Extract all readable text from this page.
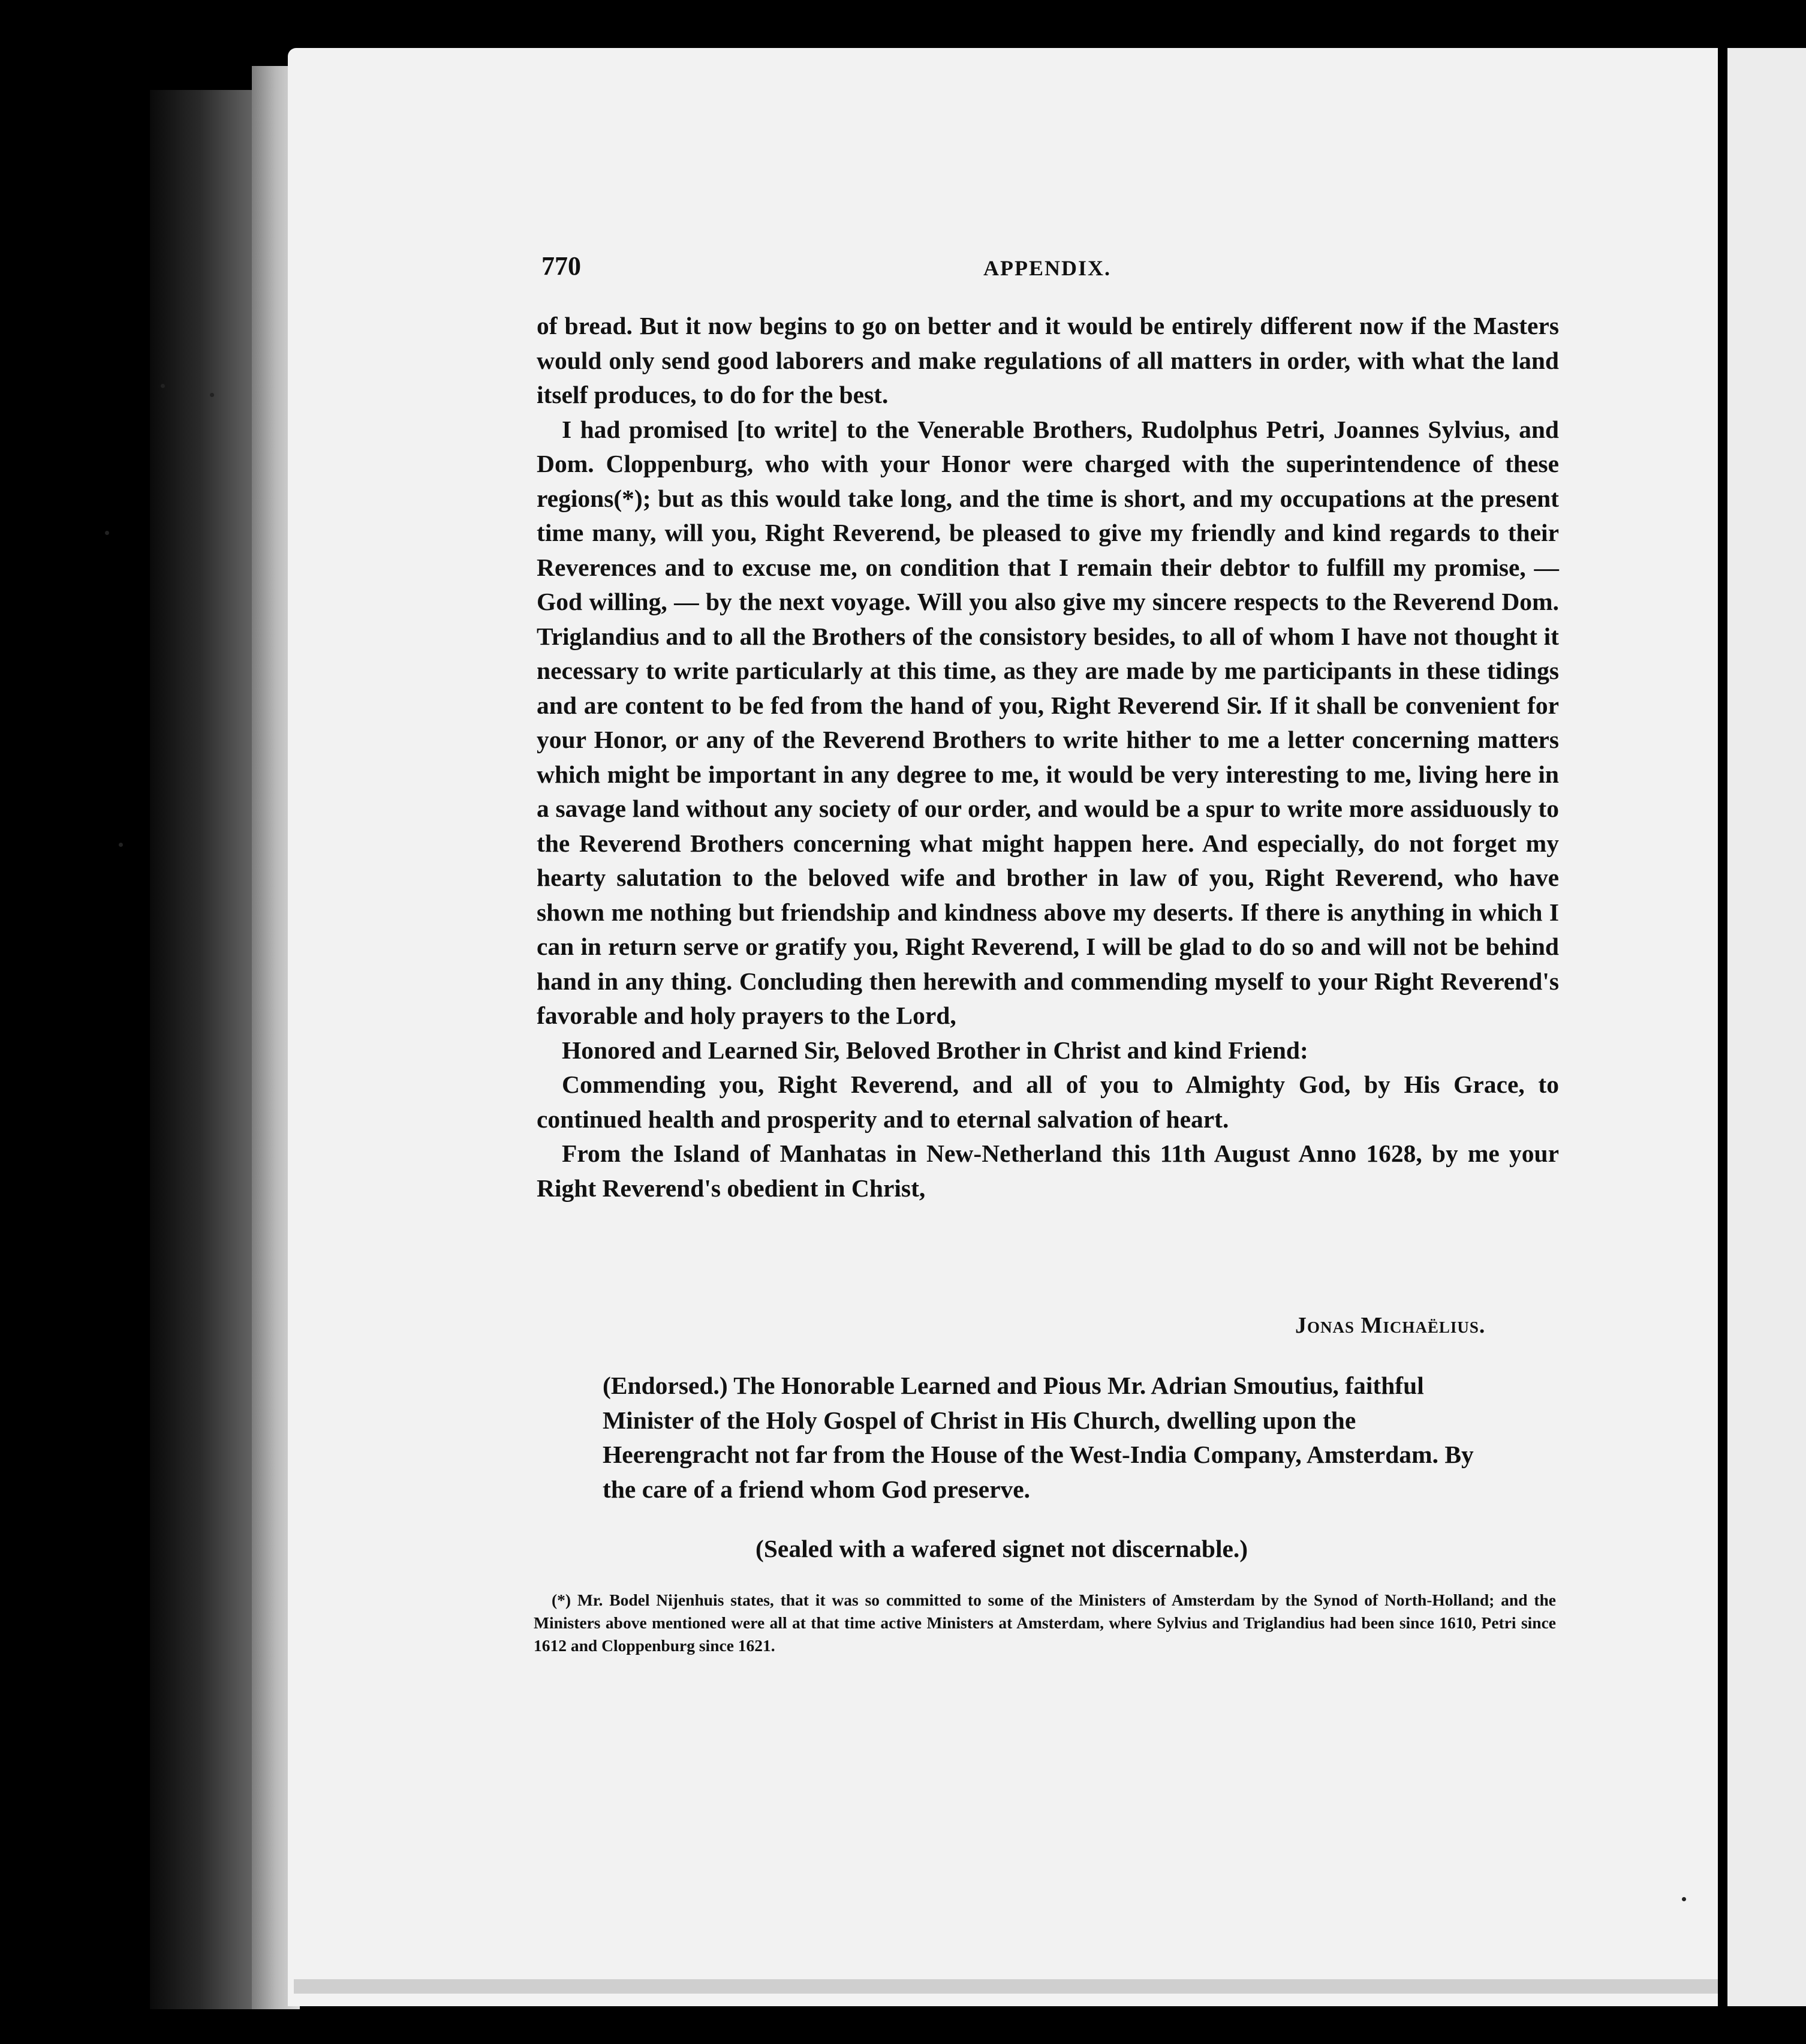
770	APPENDIX.

of bread. But it now begins to go on better and it would be entirely different now if the Masters would only send good laborers and make regulations of all matters in order, with what the land itself produces, to do for the best.

I had promised [to write] to the Venerable Brothers, Rudolphus Petri, Joannes Sylvius, and Dom. Cloppenburg, who with your Honor were charged with the superintendence of these regions(*); but as this would take long, and the time is short, and my occupations at the present time many, will you, Right Reverend, be pleased to give my friendly and kind regards to their Reverences and to excuse me, on condition that I remain their debtor to fulfill my promise, — God willing, — by the next voyage. Will you also give my sincere respects to the Reverend Dom. Triglandius and to all the Brothers of the consistory besides, to all of whom I have not thought it necessary to write particularly at this time, as they are made by me participants in these tidings and are content to be fed from the hand of you, Right Reverend Sir. If it shall be convenient for your Honor, or any of the Reverend Brothers to write hither to me a letter concerning matters which might be important in any degree to me, it would be very interesting to me, living here in a savage land without any society of our order, and would be a spur to write more assiduously to the Reverend Brothers concerning what might happen here. And especially, do not forget my hearty salutation to the beloved wife and brother in law of you, Right Reverend, who have shown me nothing but friendship and kindness above my deserts. If there is anything in which I can in return serve or gratify you, Right Reverend, I will be glad to do so and will not be behind hand in any thing. Concluding then herewith and commending myself to your Right Reverend's favorable and holy prayers to the Lord,

Honored and Learned Sir, Beloved Brother in Christ and kind Friend:

Commending you, Right Reverend, and all of you to Almighty God, by His Grace, to continued health and prosperity and to eternal salvation of heart.

From the Island of Manhatas in New-Netherland this 11th August Anno 1628, by me your Right Reverend's obedient in Christ,

Jonas Michaëlius.

(Endorsed.) The Honorable Learned and Pious Mr. Adrian Smoutius, faithful Minister of the Holy Gospel of Christ in His Church, dwelling upon the Heerengracht not far from the House of the West-India Company, Amsterdam. By the care of a friend whom God preserve.

(Sealed with a wafered signet not discernable.)

(*) Mr. Bodel Nijenhuis states, that it was so committed to some of the Ministers of Amsterdam by the Synod of North-Holland; and the Ministers above mentioned were all at that time active Ministers at Amsterdam, where Sylvius and Triglandius had been since 1610, Petri since 1612 and Cloppenburg since 1621.
